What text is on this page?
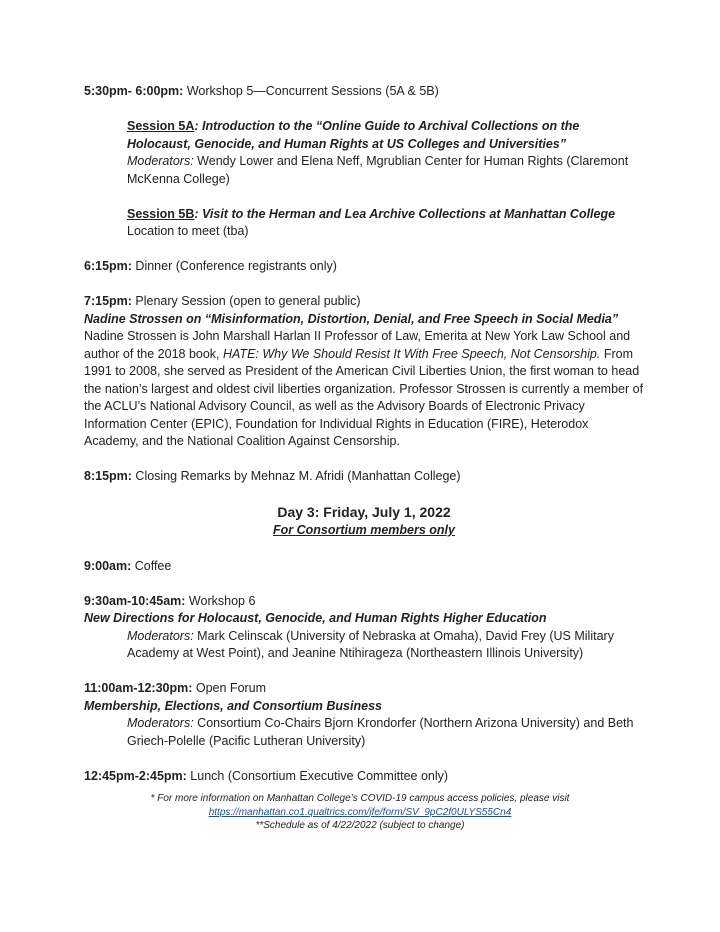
5:30pm- 6:00pm: Workshop 5—Concurrent Sessions (5A & 5B)
Session 5A: Introduction to the “Online Guide to Archival Collections on the Holocaust, Genocide, and Human Rights at US Colleges and Universities”
Moderators: Wendy Lower and Elena Neff, Mgrublian Center for Human Rights (Claremont McKenna College)
Session 5B: Visit to the Herman and Lea Archive Collections at Manhattan College
Location to meet (tba)
6:15pm: Dinner (Conference registrants only)
7:15pm: Plenary Session (open to general public)
Nadine Strossen on “Misinformation, Distortion, Denial, and Free Speech in Social Media”
Nadine Strossen is John Marshall Harlan II Professor of Law, Emerita at New York Law School and author of the 2018 book, HATE: Why We Should Resist It With Free Speech, Not Censorship. From 1991 to 2008, she served as President of the American Civil Liberties Union, the first woman to head the nation’s largest and oldest civil liberties organization. Professor Strossen is currently a member of the ACLU’s National Advisory Council, as well as the Advisory Boards of Electronic Privacy Information Center (EPIC), Foundation for Individual Rights in Education (FIRE), Heterodox Academy, and the National Coalition Against Censorship.
8:15pm: Closing Remarks by Mehnaz M. Afridi (Manhattan College)
Day 3: Friday, July 1, 2022
For Consortium members only
9:00am: Coffee
9:30am-10:45am: Workshop 6
New Directions for Holocaust, Genocide, and Human Rights Higher Education
Moderators: Mark Celinscak (University of Nebraska at Omaha), David Frey (US Military Academy at West Point), and Jeanine Ntihirageza (Northeastern Illinois University)
11:00am-12:30pm: Open Forum
Membership, Elections, and Consortium Business
Moderators: Consortium Co-Chairs Bjorn Krondorfer (Northern Arizona University) and Beth Griech-Polelle (Pacific Lutheran University)
12:45pm-2:45pm: Lunch (Consortium Executive Committee only)
* For more information on Manhattan College’s COVID-19 campus access policies, please visit
https://manhattan.co1.qualtrics.com/jfe/form/SV_9pC2f0ULYS55Cn4
**Schedule as of 4/22/2022 (subject to change)
